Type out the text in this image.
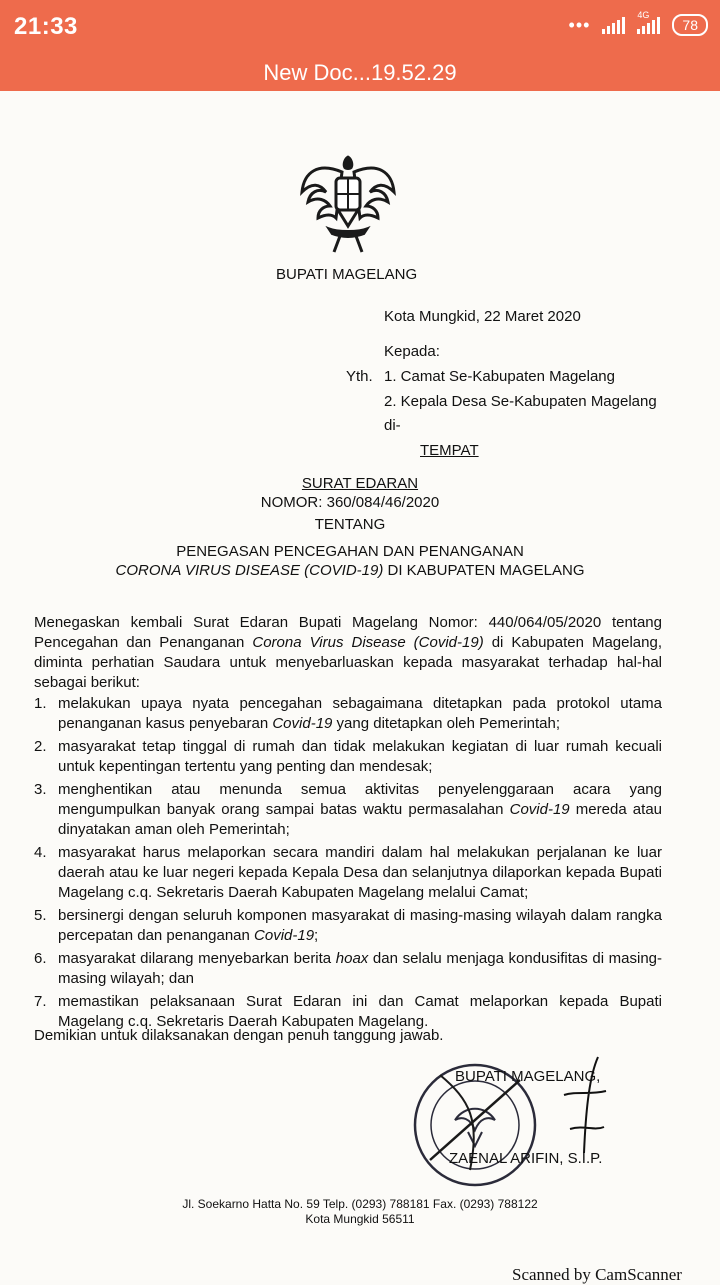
21:33	•••	4G
78
New Doc...19.52.29
BUPATI MAGELANG
Kota Mungkid, 22 Maret 2020
Kepada:
Yth. 1. Camat Se-Kabupaten Magelang
2. Kepala Desa Se-Kabupaten Magelang
di-
TEMPAT
SURAT EDARAN
NOMOR: 360/084/46/2020
TENTANG
PENEGASAN PENCEGAHAN DAN PENANGANAN
CORONA VIRUS DISEASE (COVID-19) DI KABUPATEN MAGELANG
Menegaskan kembali Surat Edaran Bupati Magelang Nomor: 440/064/05/2020 tentang Pencegahan dan Penanganan Corona Virus Disease (Covid-19) di Kabupaten Magelang, diminta perhatian Saudara untuk menyebarluaskan kepada masyarakat terhadap hal-hal sebagai berikut:
1. melakukan upaya nyata pencegahan sebagaimana ditetapkan pada protokol utama penanganan kasus penyebaran Covid-19 yang ditetapkan oleh Pemerintah;
2. masyarakat tetap tinggal di rumah dan tidak melakukan kegiatan di luar rumah kecuali untuk kepentingan tertentu yang penting dan mendesak;
3. menghentikan atau menunda semua aktivitas penyelenggaraan acara yang mengumpulkan banyak orang sampai batas waktu permasalahan Covid-19 mereda atau dinyatakan aman oleh Pemerintah;
4. masyarakat harus melaporkan secara mandiri dalam hal melakukan perjalanan ke luar daerah atau ke luar negeri kepada Kepala Desa dan selanjutnya dilaporkan kepada Bupati Magelang c.q. Sekretaris Daerah Kabupaten Magelang melalui Camat;
5. bersinergi dengan seluruh komponen masyarakat di masing-masing wilayah dalam rangka percepatan dan penanganan Covid-19;
6. masyarakat dilarang menyebarkan berita hoax dan selalu menjaga kondusifitas di masing-masing wilayah; dan
7. memastikan pelaksanaan Surat Edaran ini dan Camat melaporkan kepada Bupati Magelang c.q. Sekretaris Daerah Kabupaten Magelang.
Demikian untuk dilaksanakan dengan penuh tanggung jawab.
BUPATI MAGELANG,
ZAENAL ARIFIN, S.I.P.
Jl. Soekarno Hatta No. 59 Telp. (0293) 788181 Fax. (0293) 788122
Kota Mungkid 56511
Scanned by CamScanner
